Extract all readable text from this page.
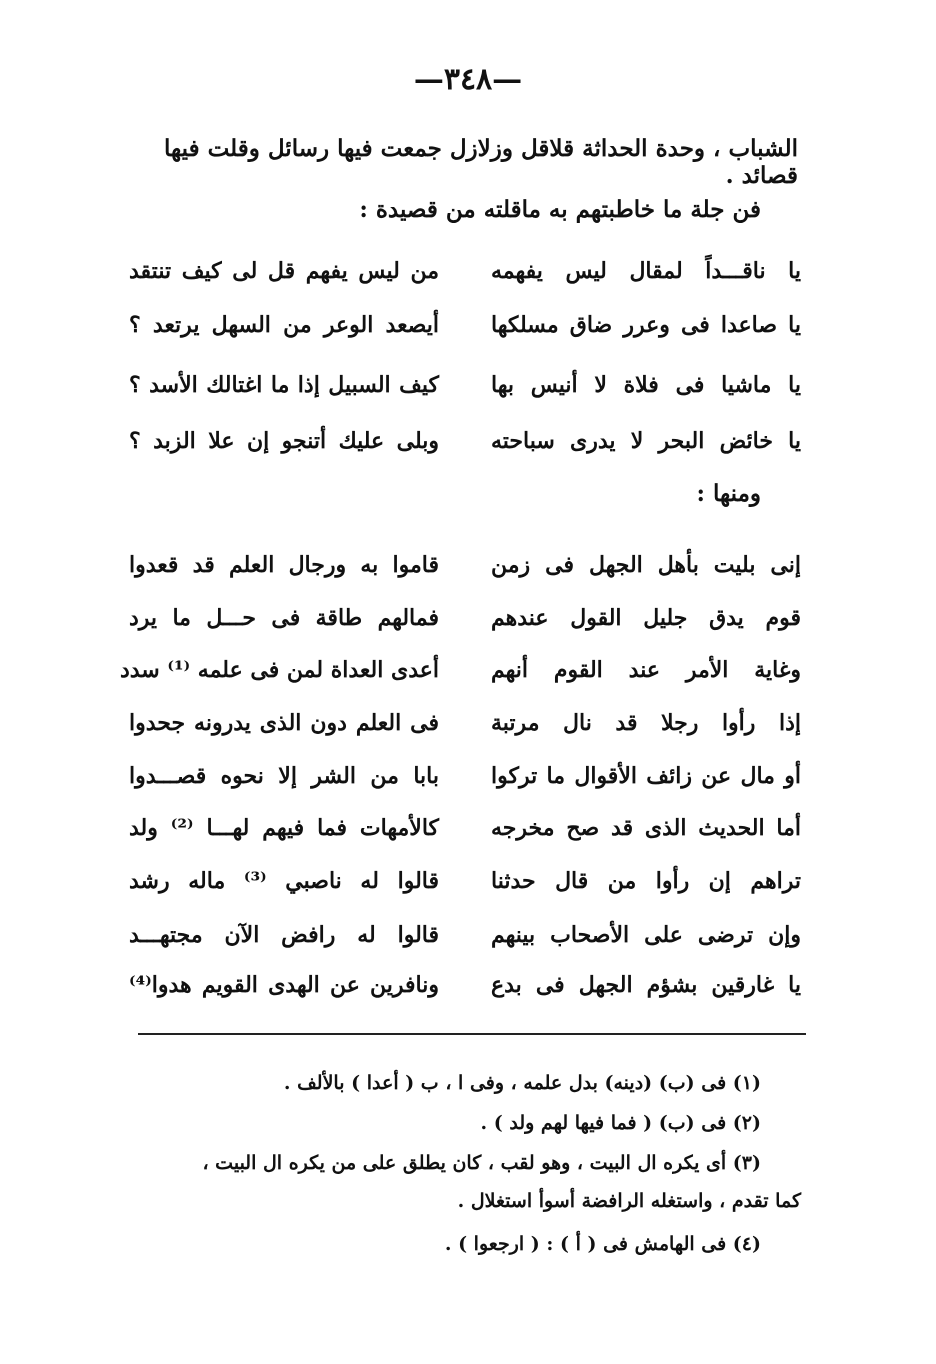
—٣٤٨—
الشباب ، وحدة الحداثة قلاقل وزلازل جمعت فيها رسائل وقلت فيها قصائد .
فن جلة ما خاطبتهم به ماقلته من قصيدة :
يا ناقـــداً لمقال ليس يفهمه
من ليس يفهم قل لى كيف تنتقد
يا صاعدا فى وعرر ضاق مسلكها
أيصعد الوعر من السهل يرتعد ؟
يا ماشيا فى فلاة لا أنيس بها
كيف السبيل إذا ما اغتالك الأسد ؟
يا خائض البحر لا يدرى سباحته
وبلى عليك أتنجو إن علا الزبد ؟
ومنها :
إنى بليت بأهل الجهل فى زمن
قاموا به ورجال العلم قد قعدوا
قوم يدق جليل القول عندهم
فمالهم طاقة فى حـــل ما يرد
وغاية الأمر عند القوم أنهم
أعدى العداة لمن فى علمه ⁽¹⁾ سدد
إذا رأوا رجلا قد نال مرتبة
فى العلم دون الذى يدرونه جحدوا
أو مال عن زائف الأقوال ما تركوا
بابا من الشر إلا نحوه قصـــدوا
أما الحديث الذى قد صح مخرجه
كالأمهات فما فيهم لهـــا ⁽²⁾ ولد
تراهم إن رأوا من قال حدثنا
قالوا له ناصبي ⁽³⁾ ماله رشد
وإن ترضى على الأصحاب بينهم
قالوا له رافض الآن مجتهـــد
يا غارقين بشؤم الجهل فى بدع
ونافرين عن الهدى القويم هدوا⁽⁴⁾
(١) فى (ب) (دينه) بدل علمه ، وفى ا ، ب ( أعدا ) بالألف .
(٢) فى (ب) ( فما فيها لهم ولد ) .
(٣) أى يكره ال البيت ، وهو لقب ، كان يطلق على من يكره ال البيت ،
كما تقدم ، واستغله الرافضة أسوأ استغلال .
(٤) فى الهامش فى ( أ ) : ( ارجعوا ) .
